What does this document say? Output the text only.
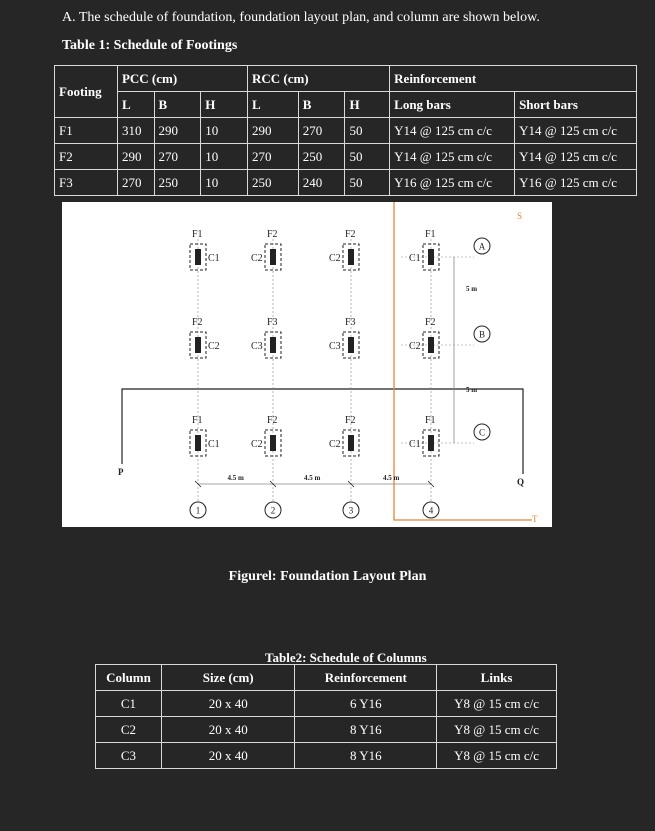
A. The schedule of foundation, foundation layout plan, and column are shown below.
Table 1: Schedule of Footings
Footing	PCC (cm)			RCC (cm)			Reinforcement	
	L	B	H	L	B	H	Long bars	Short bars
F1	310	290	10	290	270	50	Y14 @ 125 cm c/c	Y14 @ 125 cm c/c
F2	290	270	10	270	250	50	Y14 @ 125 cm c/c	Y14 @ 125 cm c/c
F3	270	250	10	250	240	50	Y16 @ 125 cm c/c	Y16 @ 125 cm c/c
F1
C1
F2
C2
F2
C2
F1
C1
F2
C2
F3
C3
F3
C3
F2
C2
F1
C1
F2
C2
F2
C2
F1
C1
4.5 m	4.5 m	4.5 m
5 m
5 m
1	2	3	4
A
B
C
P
Q
S
T
Figurel: Foundation Layout Plan
Table2: Schedule of Columns
Column	Size (cm)	Reinforcement	Links
C1	20 x 40	6 Y16	Y8 @ 15 cm c/c
C2	20 x 40	8 Y16	Y8 @ 15 cm c/c
C3	20 x 40	8 Y16	Y8 @ 15 cm c/c
